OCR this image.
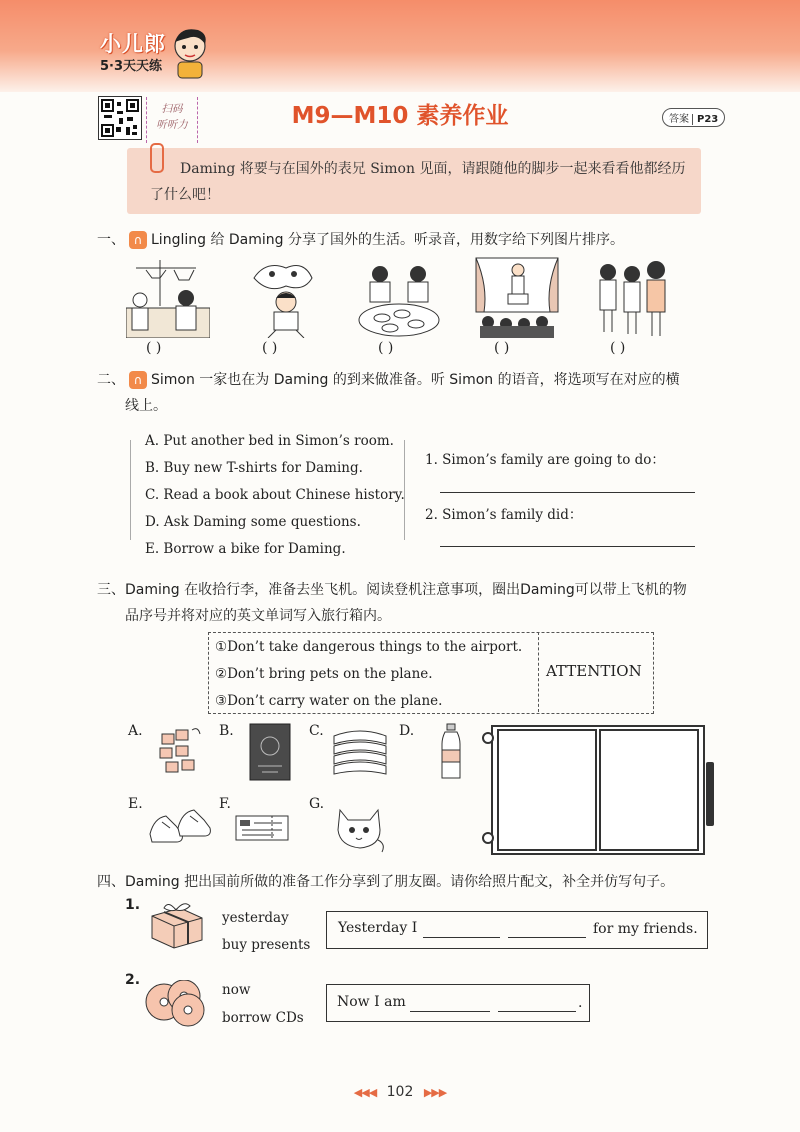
小儿郎
5·3天天练
扫码
听听力	M9—M10 素养作业	答案 P23
Daming 将要与在国外的表兄 Simon 见面，请跟随他的脚步一起来看看他都经历了什么吧！
一、 ∩ Lingling 给 Daming 分享了国外的生活。听录音，用数字给下列图片排序。
( )	( )	( )	( )	( )
二、 ∩ Simon 一家也在为 Daming 的到来做准备。听 Simon 的语音，将选项写在对应的横
线上。
A. Put another bed in Simon’s room.
B. Buy new T-shirts for Daming.
C. Read a book about Chinese history.
D. Ask Daming some questions.
E. Borrow a bike for Daming.
1. Simon’s family are going to do：
2. Simon’s family did：
三、Daming 在收拾行李，准备去坐飞机。阅读登机注意事项，圈出Daming可以带上飞机的物
品序号并将对应的英文单词写入旅行箱内。
①Don’t take dangerous things to the airport.
②Don’t bring pets on the plane.
③Don’t carry water on the plane.
ATTENTION
A.	B.	C.	D.
E.	F.	G.
四、Daming 把出国前所做的准备工作分享到了朋友圈。请你给照片配文，补全并仿写句子。
1.
yesterday
buy presents
Yesterday I	for my friends.
2.
now
borrow CDs
Now I am	.
◀◀◀ 102 ▶▶▶
